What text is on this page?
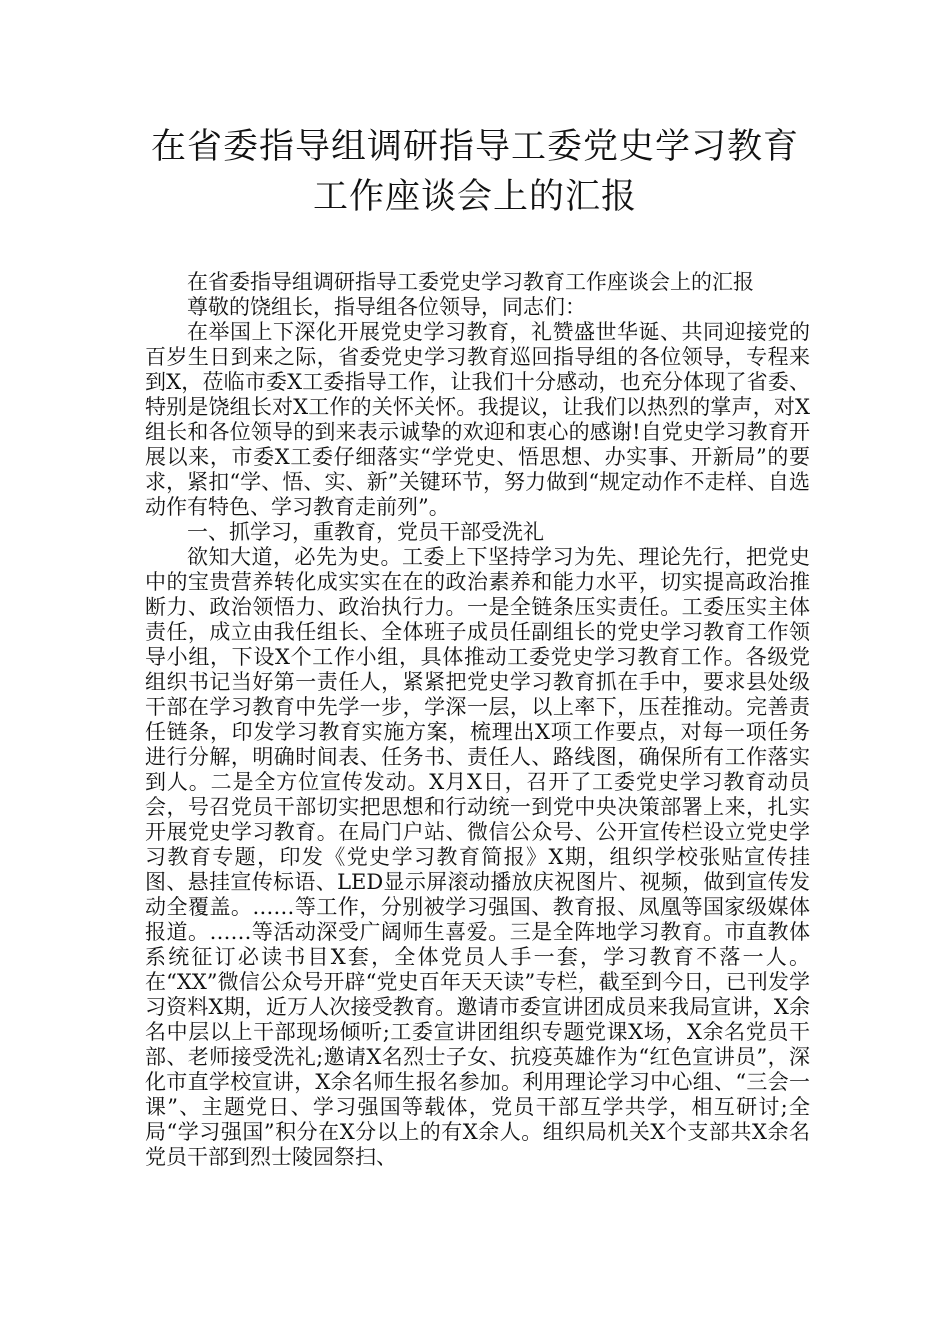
在省委指导组调研指导工委党史学习教育
工作座谈会上的汇报

在省委指导组调研指导工委党史学习教育工作座谈会上的汇报

尊敬的饶组长，指导组各位领导，同志们：

在举国上下深化开展党史学习教育，礼赞盛世华诞、共同迎接党的百岁生日到来之际，省委党史学习教育巡回指导组的各位领导，专程来到X，莅临市委X工委指导工作，让我们十分感动，也充分体现了省委、特别是饶组长对X工作的关怀关怀。我提议，让我们以热烈的掌声，对X组长和各位领导的到来表示诚挚的欢迎和衷心的感谢!自党史学习教育开展以来，市委X工委仔细落实“学党史、悟思想、办实事、开新局”的要求，紧扣“学、悟、实、新”关键环节，努力做到“规定动作不走样、自选动作有特色、学习教育走前列”。

一、抓学习，重教育，党员干部受洗礼

欲知大道，必先为史。工委上下坚持学习为先、理论先行，把党史中的宝贵营养转化成实实在在的政治素养和能力水平，切实提高政治推断力、政治领悟力、政治执行力。一是全链条压实责任。工委压实主体责任，成立由我任组长、全体班子成员任副组长的党史学习教育工作领导小组，下设X个工作小组，具体推动工委党史学习教育工作。各级党组织书记当好第一责任人，紧紧把党史学习教育抓在手中，要求县处级干部在学习教育中先学一步，学深一层，以上率下，压茬推动。完善责任链条，印发学习教育实施方案，梳理出X项工作要点，对每一项任务进行分解，明确时间表、任务书、责任人、路线图，确保所有工作落实到人。二是全方位宣传发动。X月X日，召开了工委党史学习教育动员会，号召党员干部切实把思想和行动统一到党中央决策部署上来，扎实开展党史学习教育。在局门户站、微信公众号、公开宣传栏设立党史学习教育专题，印发《党史学习教育简报》X期，组织学校张贴宣传挂图、悬挂宣传标语、LED显示屏滚动播放庆祝图片、视频，做到宣传发动全覆盖。……等工作，分别被学习强国、教育报、凤凰等国家级媒体报道。……等活动深受广阔师生喜爱。三是全阵地学习教育。市直教体系统征订必读书目X套，全体党员人手一套，学习教育不落一人。在“XX”微信公众号开辟“党史百年天天读”专栏，截至到今日，已刊发学习资料X期，近万人次接受教育。邀请市委宣讲团成员来我局宣讲，X余名中层以上干部现场倾听;工委宣讲团组织专题党课X场，X余名党员干部、老师接受洗礼;邀请X名烈士子女、抗疫英雄作为“红色宣讲员”，深化市直学校宣讲，X余名师生报名参加。利用理论学习中心组、“三会一课”、主题党日、学习强国等载体，党员干部互学共学，相互研讨;全局“学习强国”积分在X分以上的有X余人。组织局机关X个支部共X余名党员干部到烈士陵园祭扫、
